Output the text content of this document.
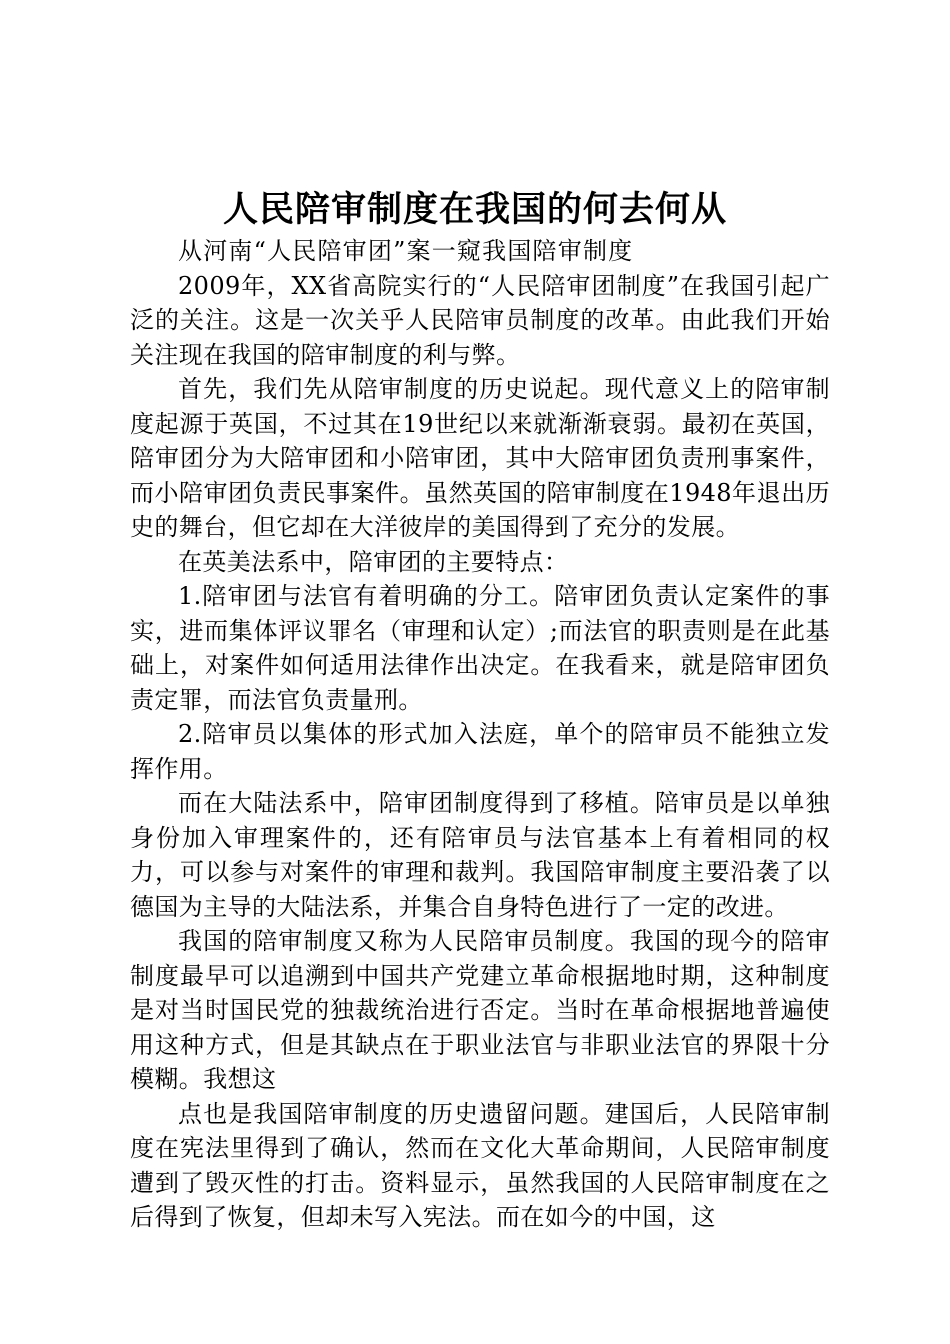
人民陪审制度在我国的何去何从

从河南“人民陪审团”案一窥我国陪审制度

2009年，XX省高院实行的“人民陪审团制度”在我国引起广泛的关注。这是一次关乎人民陪审员制度的改革。由此我们开始关注现在我国的陪审制度的利与弊。

首先，我们先从陪审制度的历史说起。现代意义上的陪审制度起源于英国，不过其在19世纪以来就渐渐衰弱。最初在英国，陪审团分为大陪审团和小陪审团，其中大陪审团负责刑事案件，而小陪审团负责民事案件。虽然英国的陪审制度在1948年退出历史的舞台，但它却在大洋彼岸的美国得到了充分的发展。

在英美法系中，陪审团的主要特点：

1.陪审团与法官有着明确的分工。陪审团负责认定案件的事实，进而集体评议罪名（审理和认定）;而法官的职责则是在此基础上，对案件如何适用法律作出决定。在我看来，就是陪审团负责定罪，而法官负责量刑。

2.陪审员以集体的形式加入法庭，单个的陪审员不能独立发挥作用。

而在大陆法系中，陪审团制度得到了移植。陪审员是以单独身份加入审理案件的，还有陪审员与法官基本上有着相同的权力，可以参与对案件的审理和裁判。我国陪审制度主要沿袭了以德国为主导的大陆法系，并集合自身特色进行了一定的改进。

我国的陪审制度又称为人民陪审员制度。我国的现今的陪审制度最早可以追溯到中国共产党建立革命根据地时期，这种制度是对当时国民党的独裁统治进行否定。当时在革命根据地普遍使用这种方式，但是其缺点在于职业法官与非职业法官的界限十分模糊。我想这

点也是我国陪审制度的历史遗留问题。建国后，人民陪审制度在宪法里得到了确认，然而在文化大革命期间，人民陪审制度遭到了毁灭性的打击。资料显示，虽然我国的人民陪审制度在之后得到了恢复，但却未写入宪法。而在如今的中国，这
